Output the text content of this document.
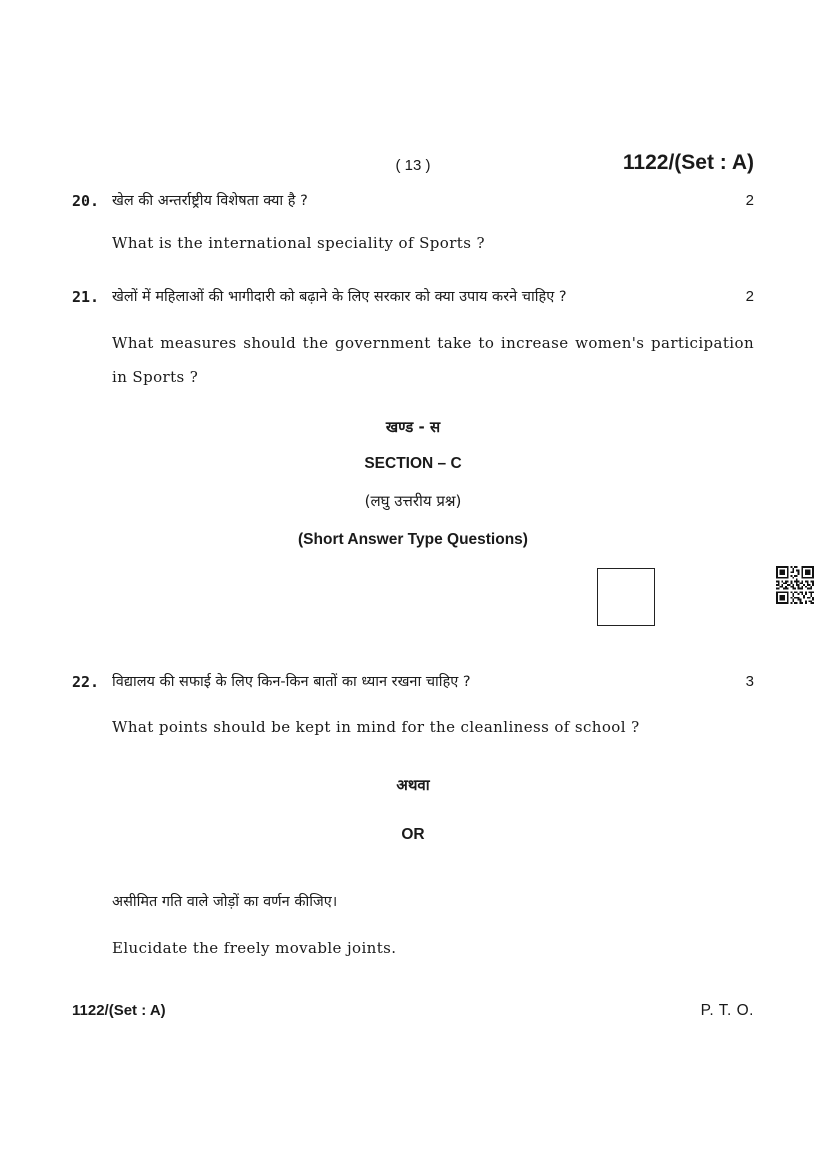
( 13 )	1122/(Set : A)
20. खेल की अन्तर्राष्ट्रीय विशेषता क्या है ?	2
What is the international speciality of Sports ?
21. खेलों में महिलाओं की भागीदारी को बढ़ाने के लिए सरकार को क्या उपाय करने चाहिए ?	2
What measures should the government take to increase women's participation
in Sports ?
खण्ड - स
SECTION – C
(लघु उत्तरीय प्रश्न)
(Short Answer Type Questions)
22. विद्यालय की सफाई के लिए किन-किन बातों का ध्यान रखना चाहिए ?	3
What points should be kept in mind for the cleanliness of school ?
अथवा
OR
असीमित गति वाले जोड़ों का वर्णन कीजिए।
Elucidate the freely movable joints.
1122/(Set : A)	P. T. O.
